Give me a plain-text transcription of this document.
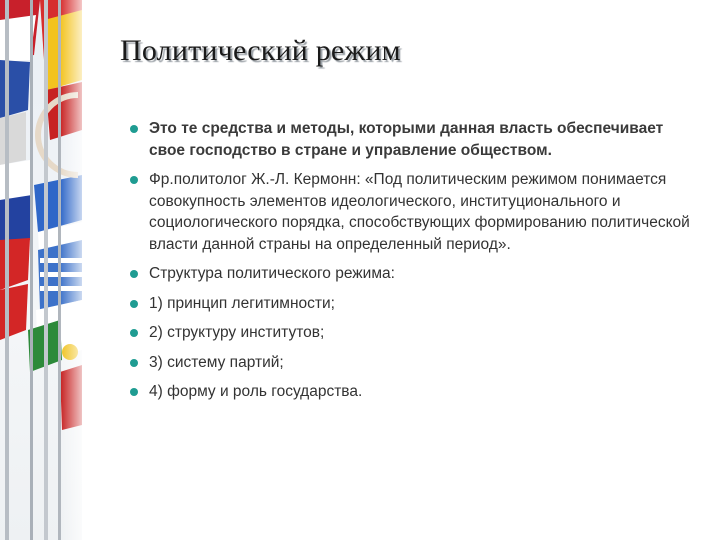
Политический режим
Это те средства и методы, которыми данная власть обеспечивает свое господство в стране и управление обществом.
Фр.политолог Ж.-Л. Кермонн: «Под политическим режимом понимается совокупность элементов идеологического, институционального и социологического порядка, способствующих формированию политической власти данной страны на определенный период».
Структура политического режима:
1) принцип легитимности;
2) структуру институтов;
3) систему партий;
4) форму и роль государства.
